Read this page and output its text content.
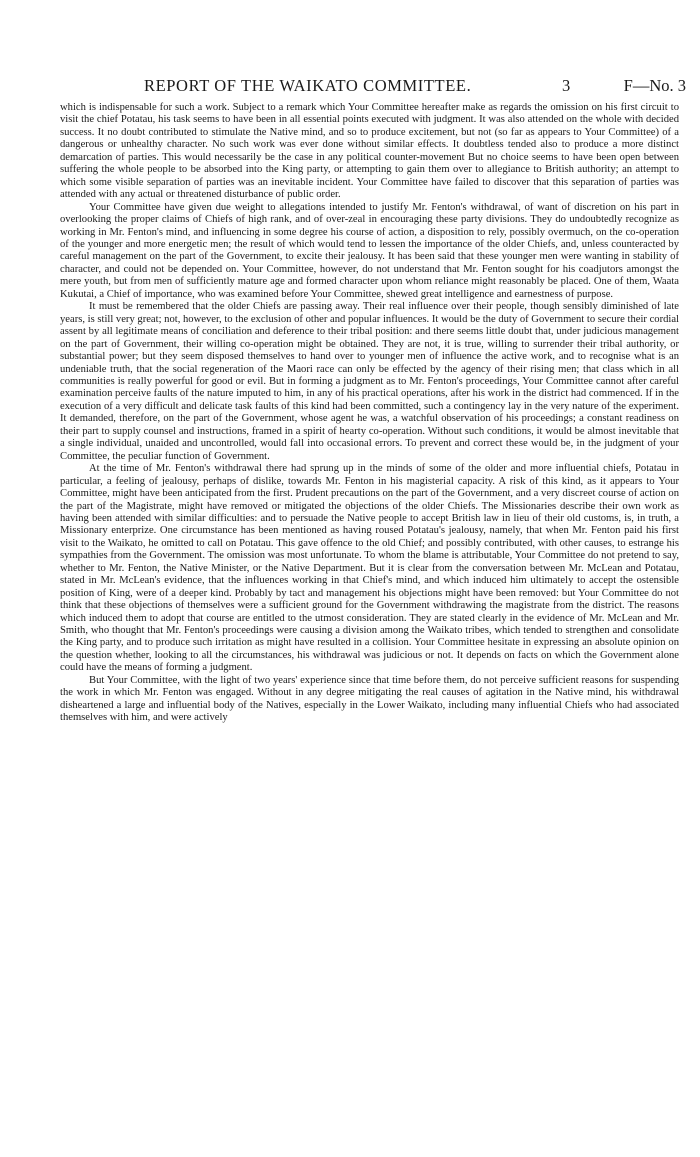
REPORT OF THE WAIKATO COMMITTEE.	3	F—No. 3

which is indispensable for such a work. Subject to a remark which Your Committee hereafter make as regards the omission on his first circuit to visit the chief Potatau, his task seems to have been in all essential points executed with judgment. It was also attended on the whole with decided success. It no doubt contributed to stimulate the Native mind, and so to produce excitement, but not (so far as appears to Your Committee) of a dangerous or unhealthy character. No such work was ever done without similar effects. It doubtless tended also to produce a more distinct demarcation of parties. This would necessarily be the case in any political counter-movement But no choice seems to have been open between suffering the whole people to be absorbed into the King party, or attempting to gain them over to allegiance to British authority; an attempt to which some visible separation of parties was an inevitable incident. Your Committee have failed to discover that this separation of parties was attended with any actual or threatened disturbance of public order.

Your Committee have given due weight to allegations intended to justify Mr. Fenton's withdrawal, of want of discretion on his part in overlooking the proper claims of Chiefs of high rank, and of over-zeal in encouraging these party divisions. They do undoubtedly recognize as working in Mr. Fenton's mind, and influencing in some degree his course of action, a disposition to rely, possibly overmuch, on the co-operation of the younger and more energetic men; the result of which would tend to lessen the importance of the older Chiefs, and, unless counteracted by careful management on the part of the Government, to excite their jealousy. It has been said that these younger men were wanting in stability of character, and could not be depended on. Your Committee, however, do not understand that Mr. Fenton sought for his coadjutors amongst the mere youth, but from men of sufficiently mature age and formed character upon whom reliance might reasonably be placed. One of them, Waata Kukutai, a Chief of importance, who was examined before Your Committee, shewed great intelligence and earnestness of purpose.

It must be remembered that the older Chiefs are passing away. Their real influence over their people, though sensibly diminished of late years, is still very great; not, however, to the exclusion of other and popular influences. It would be the duty of Government to secure their cordial assent by all legitimate means of conciliation and deference to their tribal position: and there seems little doubt that, under judicious management on the part of Government, their willing co-operation might be obtained. They are not, it is true, willing to surrender their tribal authority, or substantial power; but they seem disposed themselves to hand over to younger men of influence the active work, and to recognise what is an undeniable truth, that the social regeneration of the Maori race can only be effected by the agency of their rising men; that class which in all communities is really powerful for good or evil. But in forming a judgment as to Mr. Fenton's proceedings, Your Committee cannot after careful examination perceive faults of the nature imputed to him, in any of his practical operations, after his work in the district had commenced. If in the execution of a very difficult and delicate task faults of this kind had been committed, such a contingency lay in the very nature of the experiment. It demanded, therefore, on the part of the Government, whose agent he was, a watchful observation of his proceedings; a constant readiness on their part to supply counsel and instructions, framed in a spirit of hearty co-operation. Without such conditions, it would be almost inevitable that a single individual, unaided and uncontrolled, would fall into occasional errors. To prevent and correct these would be, in the judgment of your Committee, the peculiar function of Government.

At the time of Mr. Fenton's withdrawal there had sprung up in the minds of some of the older and more influential chiefs, Potatau in particular, a feeling of jealousy, perhaps of dislike, towards Mr. Fenton in his magisterial capacity. A risk of this kind, as it appears to Your Committee, might have been anticipated from the first. Prudent precautions on the part of the Government, and a very discreet course of action on the part of the Magistrate, might have removed or mitigated the objections of the older Chiefs. The Missionaries describe their own work as having been attended with similar difficulties: and to persuade the Native people to accept British law in lieu of their old customs, is, in truth, a Missionary enterprize. One circumstance has been mentioned as having roused Potatau's jealousy, namely, that when Mr. Fenton paid his first visit to the Waikato, he omitted to call on Potatau. This gave offence to the old Chief; and possibly contributed, with other causes, to estrange his sympathies from the Government. The omission was most unfortunate. To whom the blame is attributable, Your Committee do not pretend to say, whether to Mr. Fenton, the Native Minister, or the Native Department. But it is clear from the conversation between Mr. McLean and Potatau, stated in Mr. McLean's evidence, that the influences working in that Chief's mind, and which induced him ultimately to accept the ostensible position of King, were of a deeper kind. Probably by tact and management his objections might have been removed: but Your Committee do not think that these objections of themselves were a sufficient ground for the Government withdrawing the magistrate from the district. The reasons which induced them to adopt that course are entitled to the utmost consideration. They are stated clearly in the evidence of Mr. McLean and Mr. Smith, who thought that Mr. Fenton's proceedings were causing a division among the Waikato tribes, which tended to strengthen and consolidate the King party, and to produce such irritation as might have resulted in a collision. Your Committee hesitate in expressing an absolute opinion on the question whether, looking to all the circumstances, his withdrawal was judicious or not. It depends on facts on which the Government alone could have the means of forming a judgment.

But Your Committee, with the light of two years' experience since that time before them, do not perceive sufficient reasons for suspending the work in which Mr. Fenton was engaged. Without in any degree mitigating the real causes of agitation in the Native mind, his withdrawal disheartened a large and influential body of the Natives, especially in the Lower Waikato, including many influential Chiefs who had associated themselves with him, and were actively
